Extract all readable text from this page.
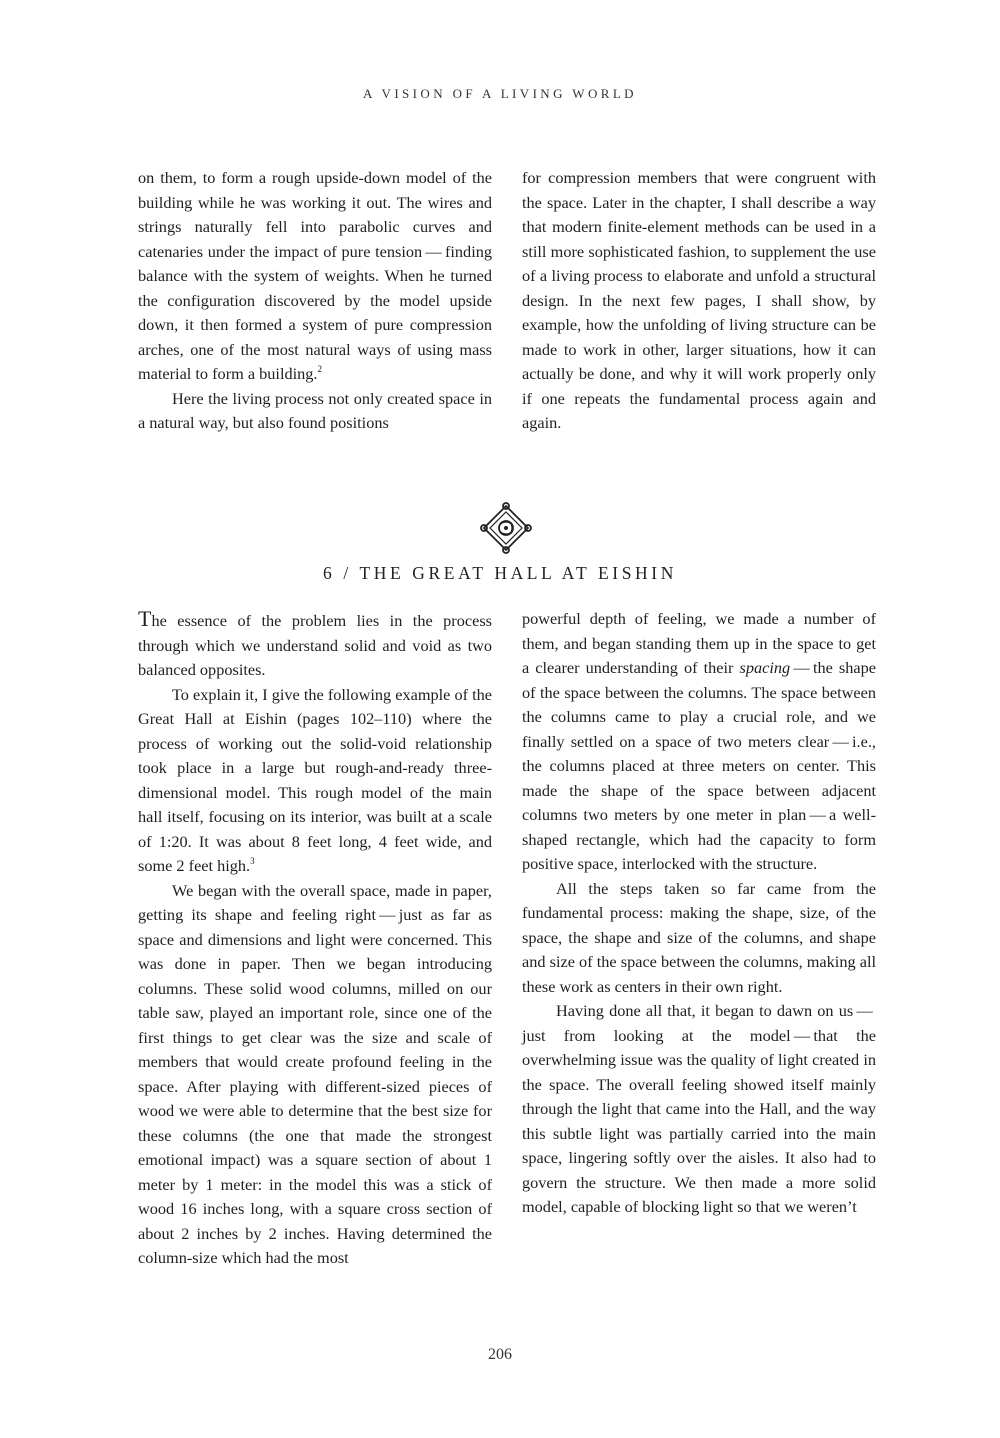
A VISION OF A LIVING WORLD

on them, to form a rough upside-down model of the building while he was working it out. The wires and strings naturally fell into parabolic curves and catenaries under the impact of pure tension — finding balance with the system of weights. When he turned the configuration discovered by the model upside down, it then formed a system of pure compression arches, one of the most natural ways of using mass material to form a building.$^2$

Here the living process not only created space in a natural way, but also found positions

for compression members that were congruent with the space. Later in the chapter, I shall describe a way that modern finite-element methods can be used in a still more sophisticated fashion, to supplement the use of a living process to elaborate and unfold a structural design. In the next few pages, I shall show, by example, how the unfolding of living structure can be made to work in other, larger situations, how it can actually be done, and why it will work properly only if one repeats the fundamental process again and again.

6 / THE GREAT HALL AT EISHIN

The essence of the problem lies in the process through which we understand solid and void as two balanced opposites.

To explain it, I give the following example of the Great Hall at Eishin (pages 102–110) where the process of working out the solid-void relationship took place in a large but rough-and-ready three-dimensional model. This rough model of the main hall itself, focusing on its interior, was built at a scale of 1:20. It was about 8 feet long, 4 feet wide, and some 2 feet high.$^3$

We began with the overall space, made in paper, getting its shape and feeling right — just as far as space and dimensions and light were concerned. This was done in paper. Then we began introducing columns. These solid wood columns, milled on our table saw, played an important role, since one of the first things to get clear was the size and scale of members that would create profound feeling in the space. After playing with different-sized pieces of wood we were able to determine that the best size for these columns (the one that made the strongest emotional impact) was a square section of about 1 meter by 1 meter: in the model this was a stick of wood 16 inches long, with a square cross section of about 2 inches by 2 inches. Having determined the column-size which had the most

powerful depth of feeling, we made a number of them, and began standing them up in the space to get a clearer understanding of their spacing — the shape of the space between the columns. The space between the columns came to play a crucial role, and we finally settled on a space of two meters clear — i.e., the columns placed at three meters on center. This made the shape of the space between adjacent columns two meters by one meter in plan — a well-shaped rectangle, which had the capacity to form positive space, interlocked with the structure.

All the steps taken so far came from the fundamental process: making the shape, size, of the space, the shape and size of the columns, and shape and size of the space between the columns, making all these work as centers in their own right.

Having done all that, it began to dawn on us — just from looking at the model — that the overwhelming issue was the quality of light created in the space. The overall feeling showed itself mainly through the light that came into the Hall, and the way this subtle light was partially carried into the main space, lingering softly over the aisles. It also had to govern the structure. We then made a more solid model, capable of blocking light so that we weren’t

206
